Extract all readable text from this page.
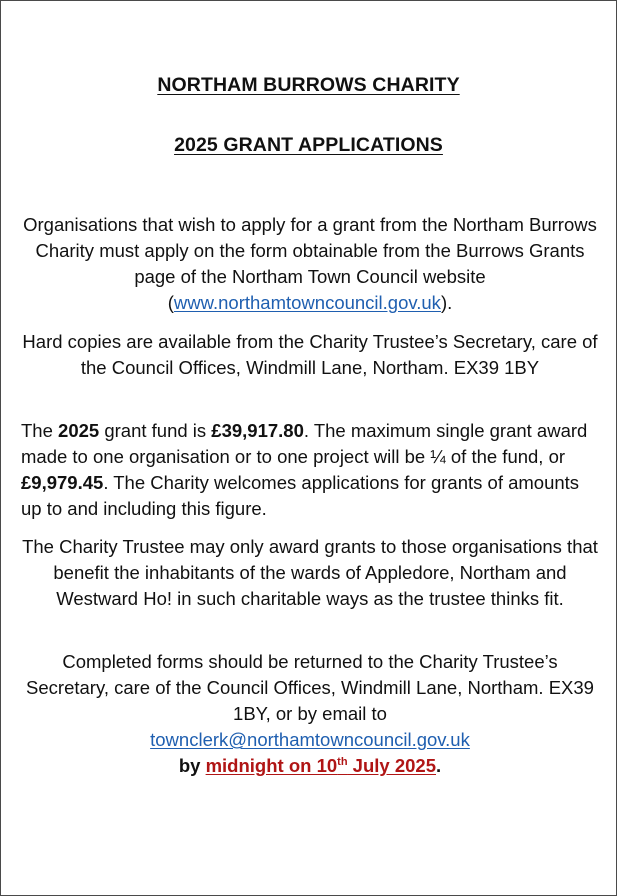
NORTHAM BURROWS CHARITY
2025 GRANT APPLICATIONS
Organisations that wish to apply for a grant from the Northam Burrows Charity must apply on the form obtainable from the Burrows Grants page of the Northam Town Council website (www.northamtowncouncil.gov.uk).
Hard copies are available from the Charity Trustee’s Secretary, care of the Council Offices, Windmill Lane, Northam. EX39 1BY
The 2025 grant fund is £39,917.80. The maximum single grant award made to one organisation or to one project will be ¼ of the fund, or £9,979.45. The Charity welcomes applications for grants of amounts up to and including this figure.
The Charity Trustee may only award grants to those organisations that benefit the inhabitants of the wards of Appledore, Northam and Westward Ho! in such charitable ways as the trustee thinks fit.
Completed forms should be returned to the Charity Trustee’s Secretary, care of the Council Offices, Windmill Lane, Northam. EX39 1BY, or by email to
townclerk@northamtowncouncil.gov.uk
by midnight on 10th July 2025.
